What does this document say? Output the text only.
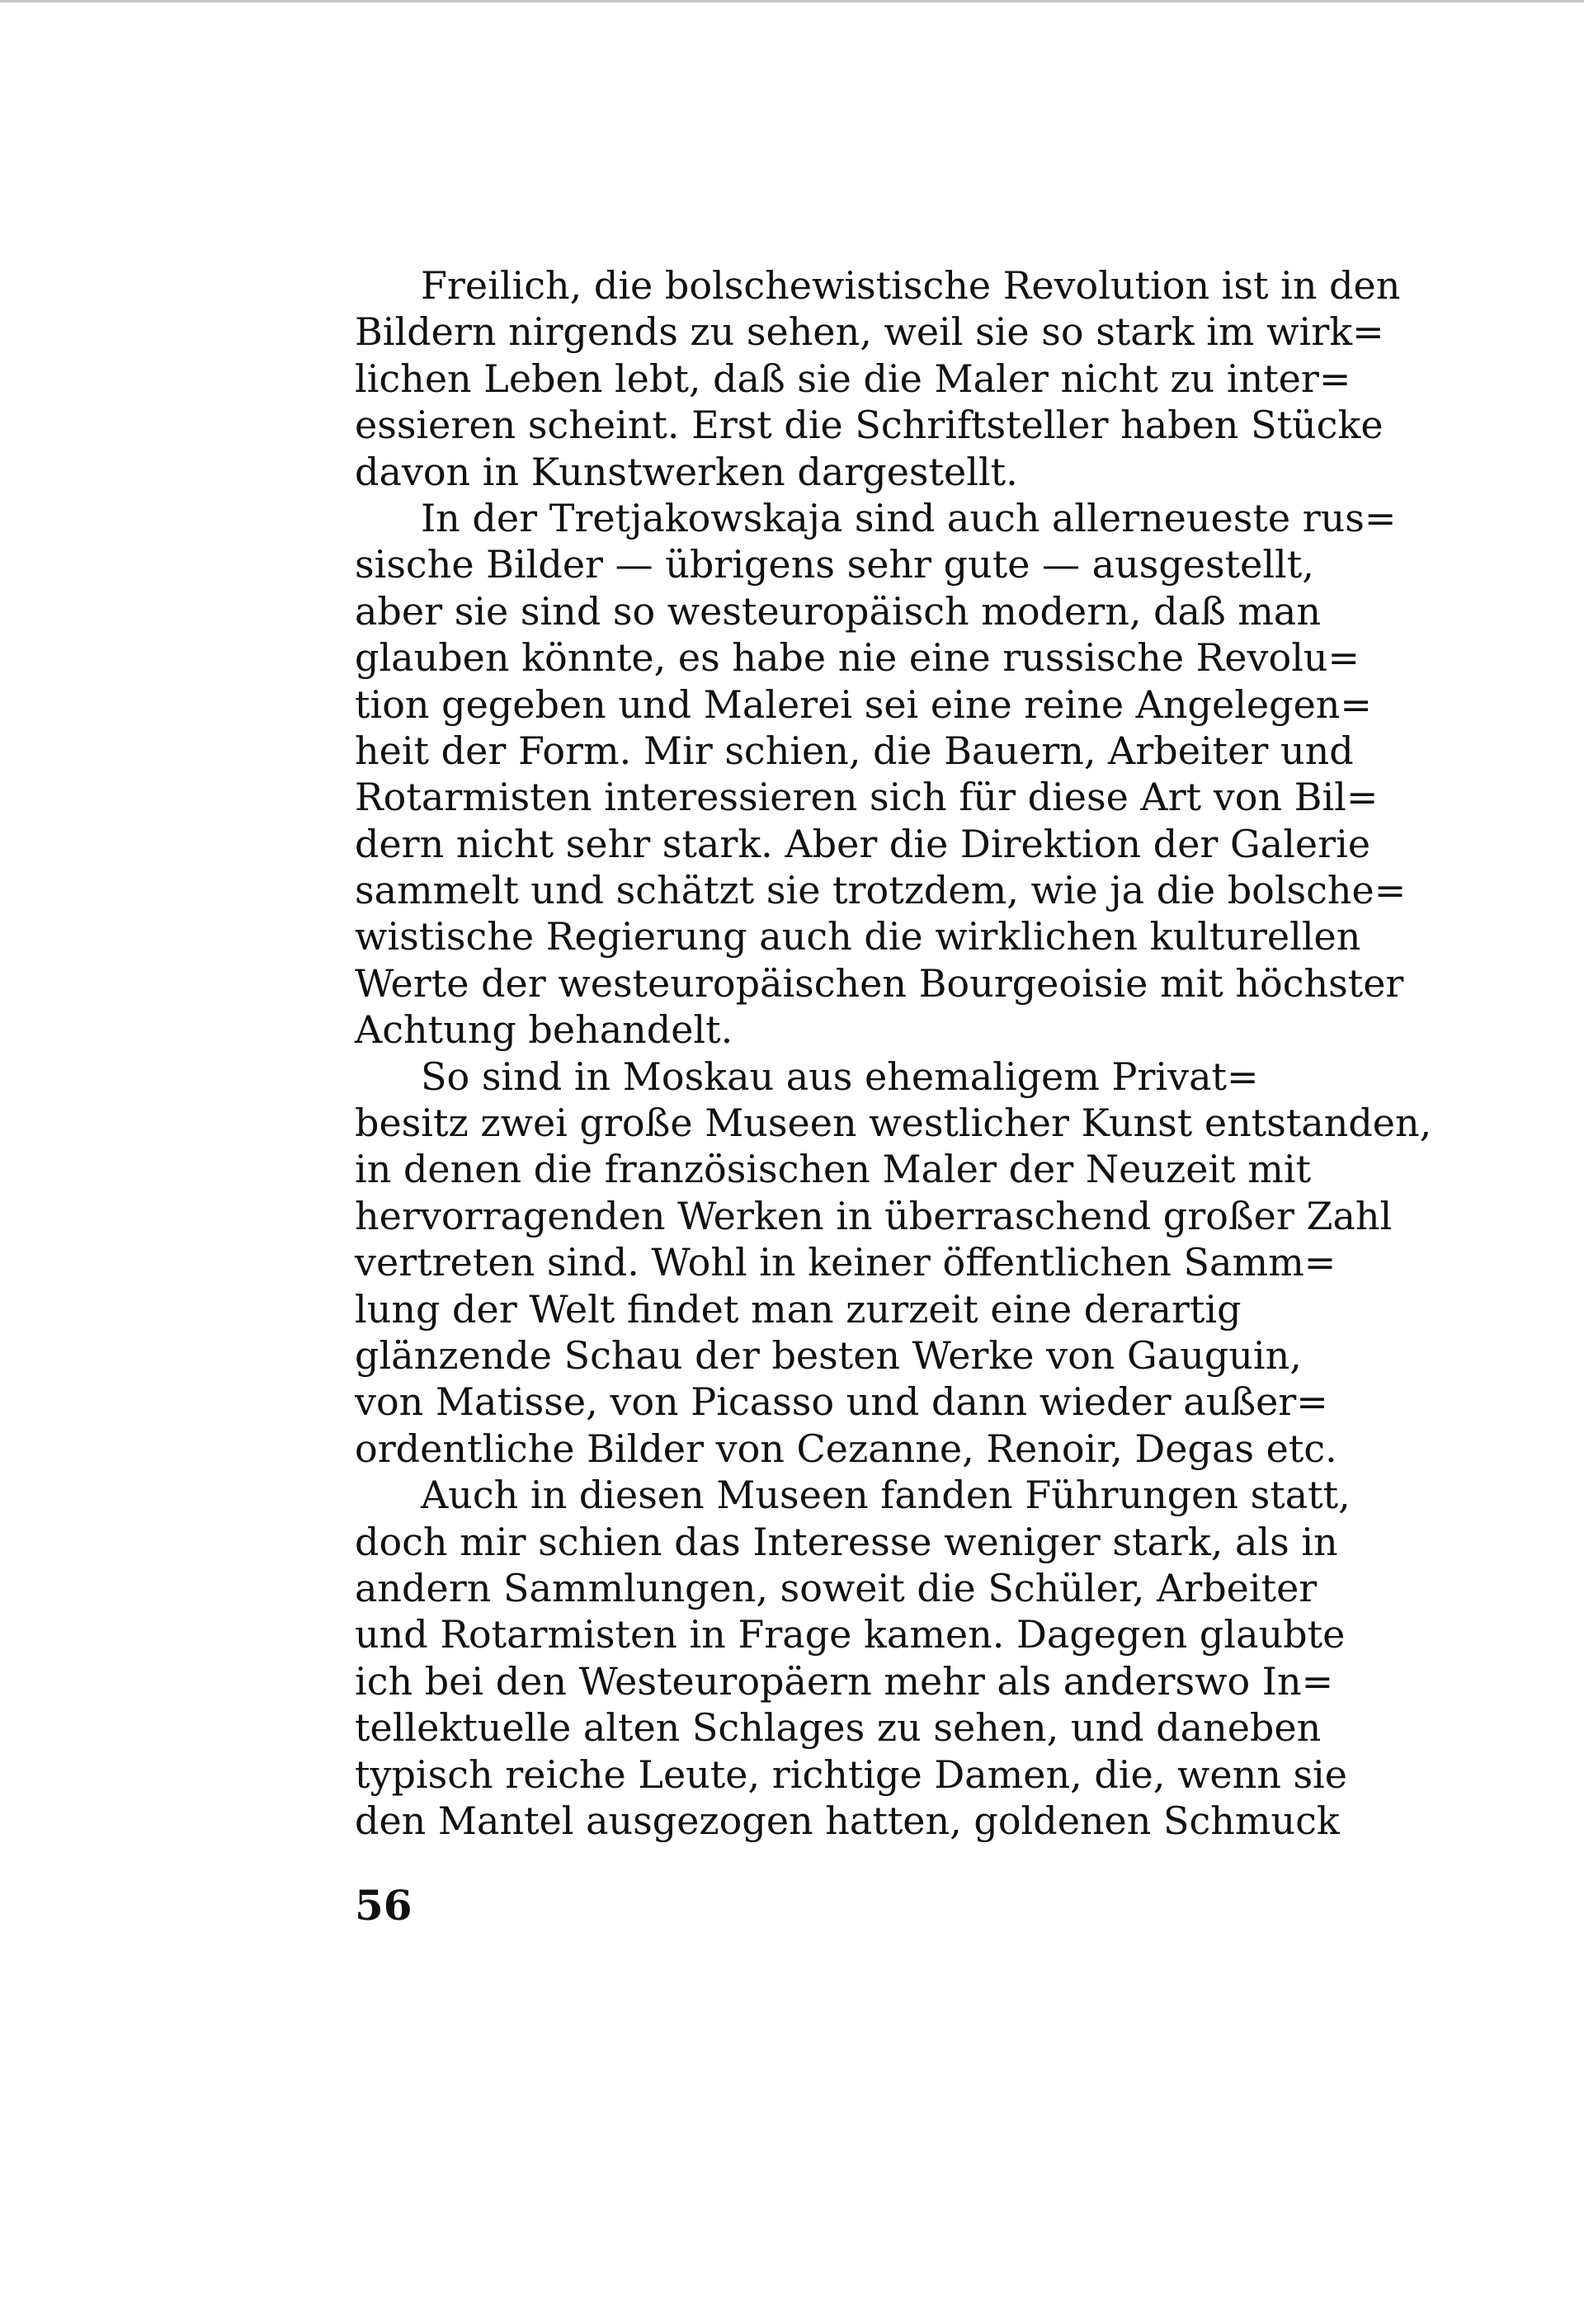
Freilich, die bolschewistische Revolution ist in den
Bildern nirgends zu sehen, weil sie so stark im wirk=
lichen Leben lebt, daß sie die Maler nicht zu inter=
essieren scheint. Erst die Schriftsteller haben Stücke
davon in Kunstwerken dargestellt.
In der Tretjakowskaja sind auch allerneueste rus=
sische Bilder — übrigens sehr gute — ausgestellt,
aber sie sind so westeuropäisch modern, daß man
glauben könnte, es habe nie eine russische Revolu=
tion gegeben und Malerei sei eine reine Angelegen=
heit der Form. Mir schien, die Bauern, Arbeiter und
Rotarmisten interessieren sich für diese Art von Bil=
dern nicht sehr stark. Aber die Direktion der Galerie
sammelt und schätzt sie trotzdem, wie ja die bolsche=
wistische Regierung auch die wirklichen kulturellen
Werte der westeuropäischen Bourgeoisie mit höchster
Achtung behandelt.
So sind in Moskau aus ehemaligem Privat=
besitz zwei große Museen westlicher Kunst entstanden,
in denen die französischen Maler der Neuzeit mit
hervorragenden Werken in überraschend großer Zahl
vertreten sind. Wohl in keiner öffentlichen Samm=
lung der Welt findet man zurzeit eine derartig
glänzende Schau der besten Werke von Gauguin,
von Matisse, von Picasso und dann wieder außer=
ordentliche Bilder von Cezanne, Renoir, Degas etc.
Auch in diesen Museen fanden Führungen statt,
doch mir schien das Interesse weniger stark, als in
andern Sammlungen, soweit die Schüler, Arbeiter
und Rotarmisten in Frage kamen. Dagegen glaubte
ich bei den Westeuropäern mehr als anderswo In=
tellektuelle alten Schlages zu sehen, und daneben
typisch reiche Leute, richtige Damen, die, wenn sie
den Mantel ausgezogen hatten, goldenen Schmuck
56
